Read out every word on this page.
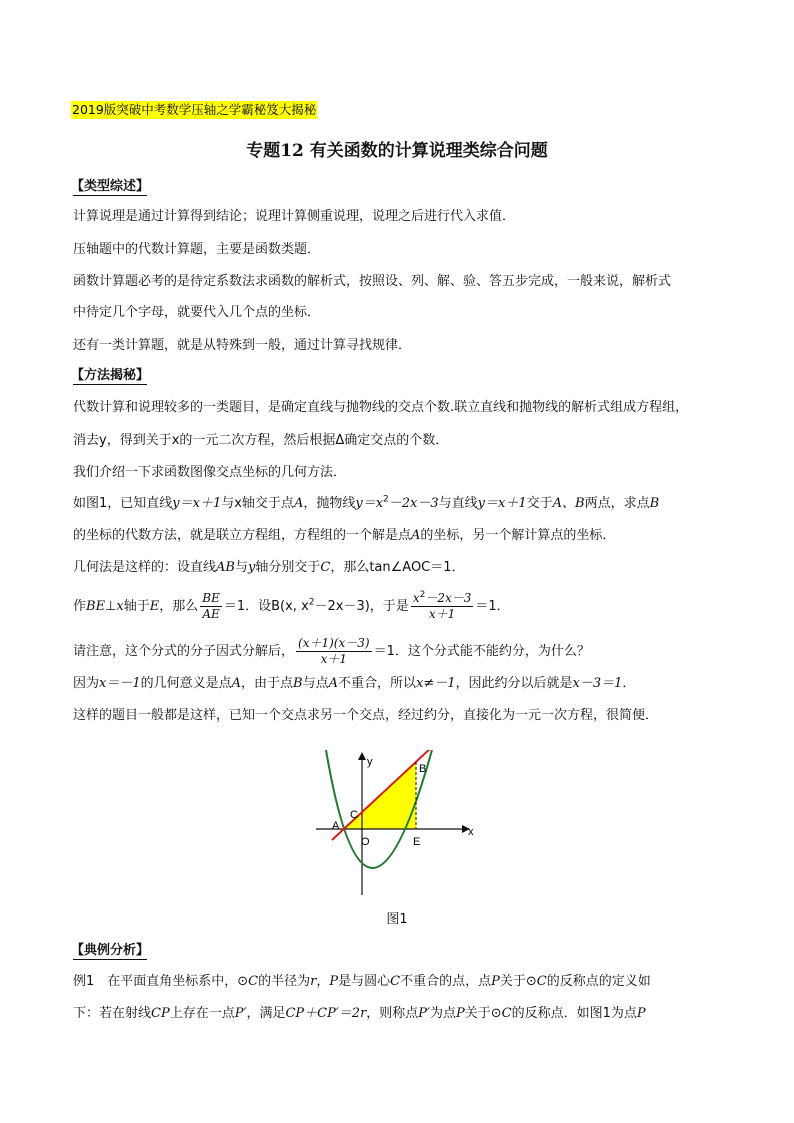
2019版突破中考数学压轴之学霸秘笈大揭秘
专题12 有关函数的计算说理类综合问题
【类型综述】
计算说理是通过计算得到结论；说理计算侧重说理，说理之后进行代入求值．
压轴题中的代数计算题，主要是函数类题．
函数计算题必考的是待定系数法求函数的解析式，按照设、列、解、验、答五步完成，一般来说，解析式
中待定几个字母，就要代入几个点的坐标．
还有一类计算题，就是从特殊到一般，通过计算寻找规律．
【方法揭秘】
代数计算和说理较多的一类题目，是确定直线与抛物线的交点个数.联立直线和抛物线的解析式组成方程组，
消去y，得到关于x的一元二次方程，然后根据Δ确定交点的个数．
我们介绍一下求函数图像交点坐标的几何方法．
如图1，已知直线y＝x＋1与x轴交于点A，抛物线$y=x^2-2x-3$与直线y＝x＋1交于A、B两点，求点B
的坐标的代数方法，就是联立方程组，方程组的一个解是点A的坐标，另一个解计算点的坐标．
几何法是这样的：设直线AB与y轴分别交于C，那么tan∠AOC＝1．
作BE⊥x轴于E，那么 $\frac{BE}{AE} =1$．设B(x, $x^2-2x-3$)，于是 $\frac{x^2-2x-3}{x+1} =1$．
请注意，这个分式的分子因式分解后， $\frac{(x+1)(x-3)}{x+1} =1$．这个分式能不能约分，为什么？
因为x＝－1的几何意义是点A，由于点B与点A不重合，所以x≠－1，因此约分以后就是x－3＝1．
这样的题目一般都是这样，已知一个交点求另一个交点，经过约分，直接化为一元一次方程，很简便．
y
B
C
A	x
O	E
图1
【典例分析】
例1　在平面直角坐标系中，⊙C的半径为r，P是与圆心C不重合的点，点P关于⊙C的反称点的定义如
下：若在射线CP上存在一点P′，满足CP＋CP′＝2r，则称点P′为点P关于⊙C的反称点．如图1为点P
